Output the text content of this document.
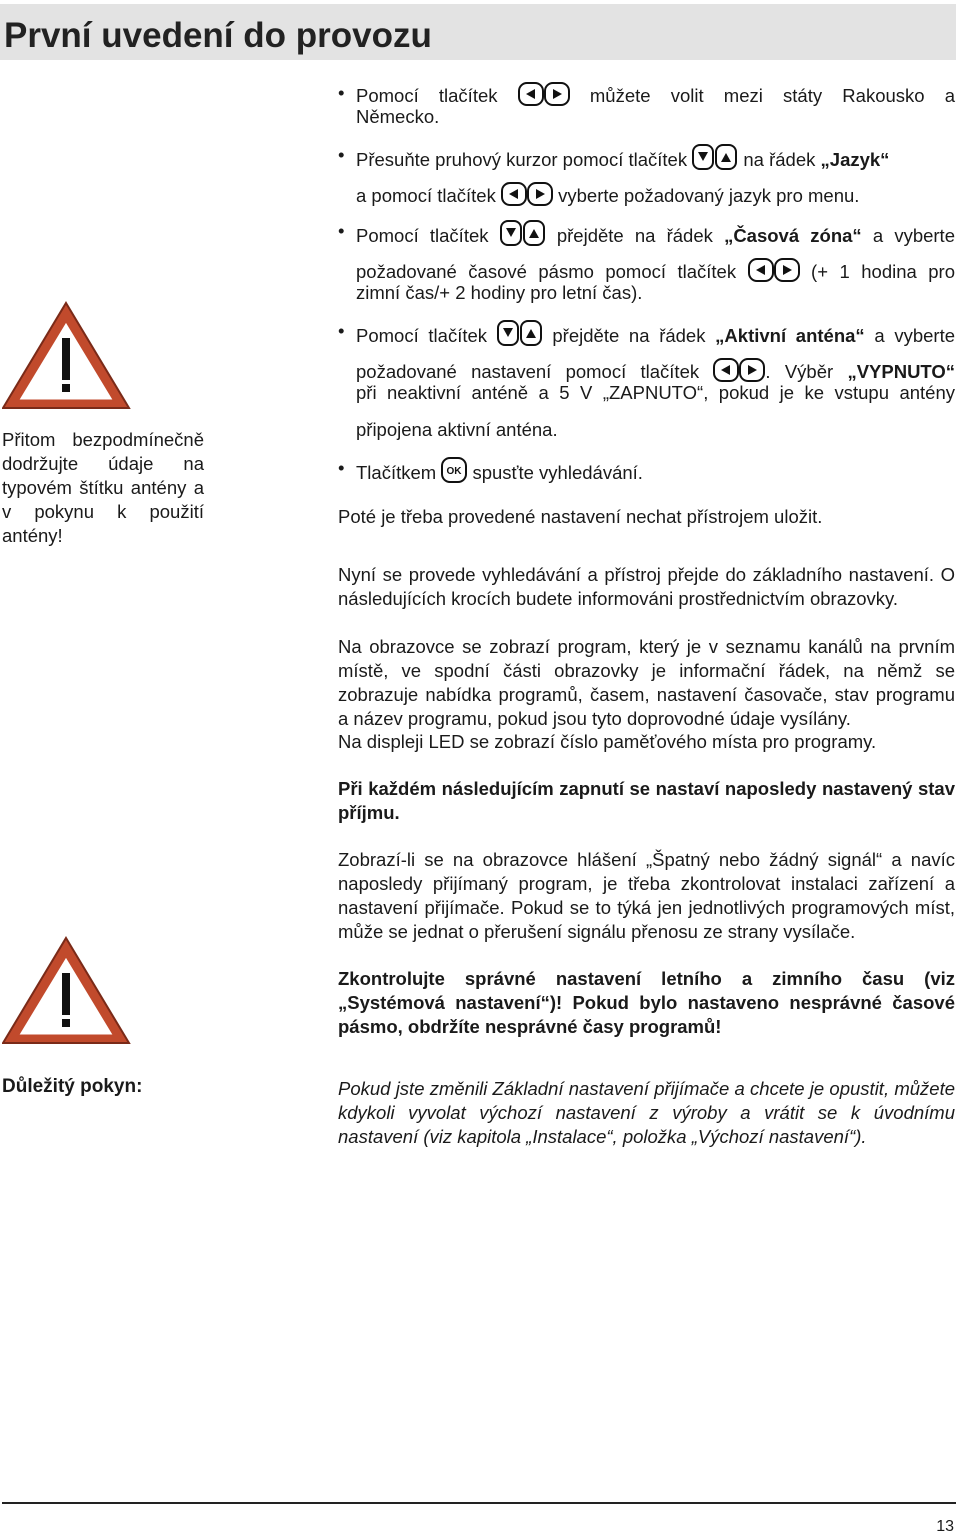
První uvedení do provozu
Přitom bezpodmínečně dodržujte údaje na typovém štítku antény a v pokynu k použití antény!
Důležitý pokyn:
• Pomocí tlačítek	můžete volit mezi státy Rakousko a
Německo.
• Přesuňte pruhový kurzor pomocí tlačítek	na řádek „Jazyk“
a pomocí tlačítek	vyberte požadovaný jazyk pro menu.
• Pomocí tlačítek	přejděte na řádek „Časová zóna“ a vyberte
požadované časové pásmo pomocí tlačítek	(+ 1 hodina pro
zimní čas/+ 2 hodiny pro letní čas).
• Pomocí tlačítek	přejděte na řádek „Aktivní anténa“ a vyberte
požadované nastavení pomocí tlačítek	. Výběr „VYPNUTO“
při neaktivní anténě a 5 V „ZAPNUTO“, pokud je ke vstupu antény
připojena aktivní anténa.
• Tlačítkem OK spusťte vyhledávání.
Poté je třeba provedené nastavení nechat přístrojem uložit.
Nyní se provede vyhledávání a přístroj přejde do základního nastavení. O následujících krocích budete informováni prostřednictvím obrazovky.
Na obrazovce se zobrazí program, který je v seznamu kanálů na prvním místě, ve spodní části obrazovky je informační řádek, na němž se zobrazuje nabídka programů, časem, nastavení časovače, stav programu a název programu, pokud jsou tyto doprovodné údaje vysílány.
Na displeji LED se zobrazí číslo paměťového místa pro programy.
Při každém následujícím zapnutí se nastaví naposledy nastavený stav příjmu.
Zobrazí-li se na obrazovce hlášení „Špatný nebo žádný signál“ a navíc naposledy přijímaný program, je třeba zkontrolovat instalaci zařízení a nastavení přijímače. Pokud se to týká jen jednotlivých programových míst, může se jednat o přerušení signálu přenosu ze strany vysílače.
Zkontrolujte správné nastavení letního a zimního času (viz „Systémová nastavení“)! Pokud bylo nastaveno nesprávné časové pásmo, obdržíte nesprávné časy programů!
Pokud jste změnili Základní nastavení přijímače a chcete je opustit, můžete kdykoli vyvolat výchozí nastavení z výroby a vrátit se k úvodnímu nastavení (viz kapitola „Instalace“, položka „Výchozí nastavení“).
13
